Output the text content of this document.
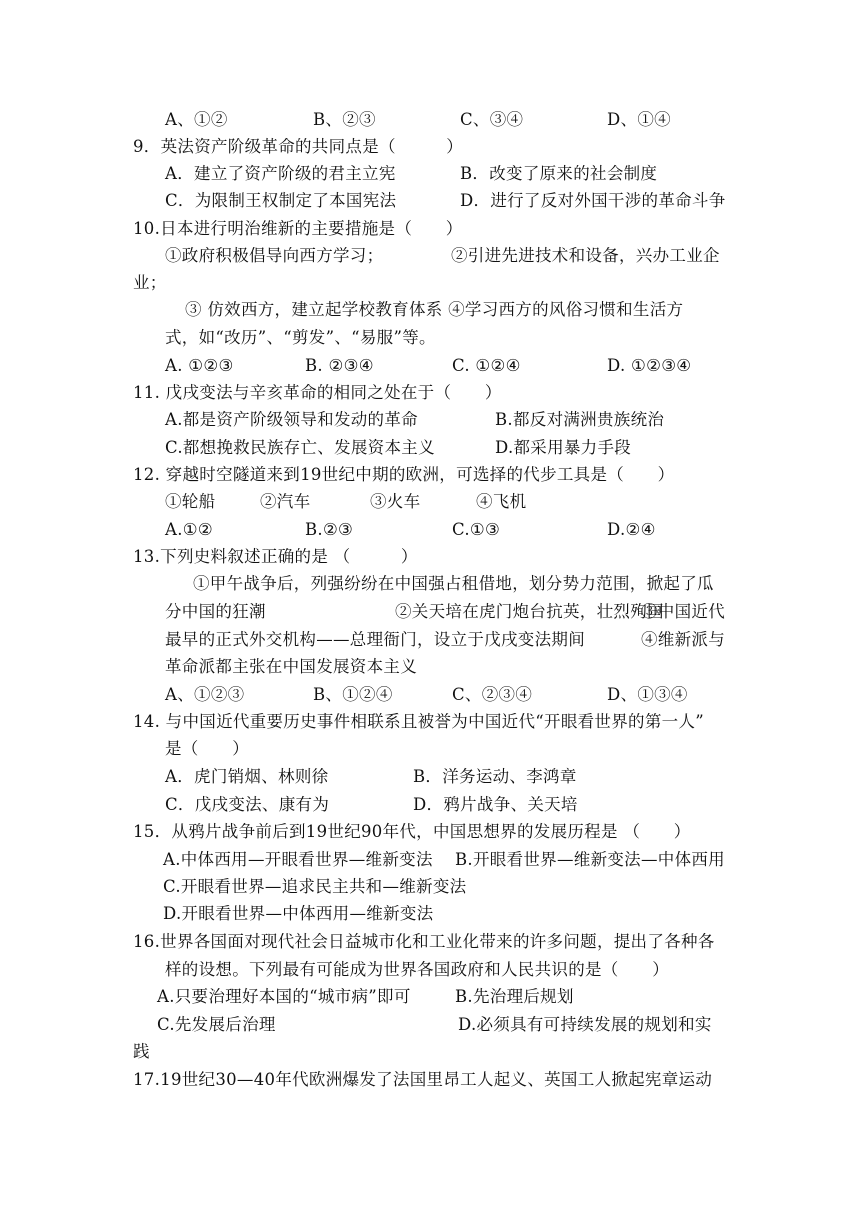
A、①②	B、②③	C、③④	D、①④
9．英法资产阶级革命的共同点是（　　　）
A．建立了资产阶级的君主立宪	B．改变了原来的社会制度
C．为限制王权制定了本国宪法	D．进行了反对外国干涉的革命斗争
10.日本进行明治维新的主要措施是（　　）
①政府积极倡导向西方学习；	②引进先进技术和设备，兴办工业企
业；
③ 仿效西方，建立起学校教育体系 ④学习西方的风俗习惯和生活方
式，如“改历”、“剪发”、“易服”等。
A. ①②③	B. ②③④	C. ①②④	D. ①②③④
11. 戊戌变法与辛亥革命的相同之处在于（　　）
A.都是资产阶级领导和发动的革命	B.都反对满洲贵族统治
C.都想挽救民族存亡、发展资本主义	D.都采用暴力手段
12. 穿越时空隧道来到19世纪中期的欧洲，可选择的代步工具是（　　）
①轮船	②汽车	③火车	④飞机
A.①②	B.②③	C.①③	D.②④
13.下列史料叙述正确的是 （　　　）
①甲午战争后，列强纷纷在中国强占租借地，划分势力范围，掀起了瓜
分中国的狂潮	②关天培在虎门炮台抗英，壮烈殉国
③中国近代
最早的正式外交机构——总理衙门，设立于戊戌变法期间	④维新派与
革命派都主张在中国发展资本主义
A、①②③	B、①②④	C、②③④	D、①③④
14. 与中国近代重要历史事件相联系且被誉为中国近代“开眼看世界的第一人”
是（　　）
A．虎门销烟、林则徐	B．洋务运动、李鸿章
C．戊戌变法、康有为	D．鸦片战争、关天培
15．从鸦片战争前后到19世纪90年代，中国思想界的发展历程是 （　　）
A.中体西用—开眼看世界—维新变法 B.开眼看世界—维新变法—中体西用
C.开眼看世界—追求民主共和—维新变法
D.开眼看世界—中体西用—维新变法
16.世界各国面对现代社会日益城市化和工业化带来的许多问题，提出了各种各
样的设想。下列最有可能成为世界各国政府和人民共识的是（　　）
A.只要治理好本国的“城市病”即可	B.先治理后规划
C.先发展后治理	D.必须具有可持续发展的规划和实
践
17.19世纪30—40年代欧洲爆发了法国里昂工人起义、英国工人掀起宪章运动
